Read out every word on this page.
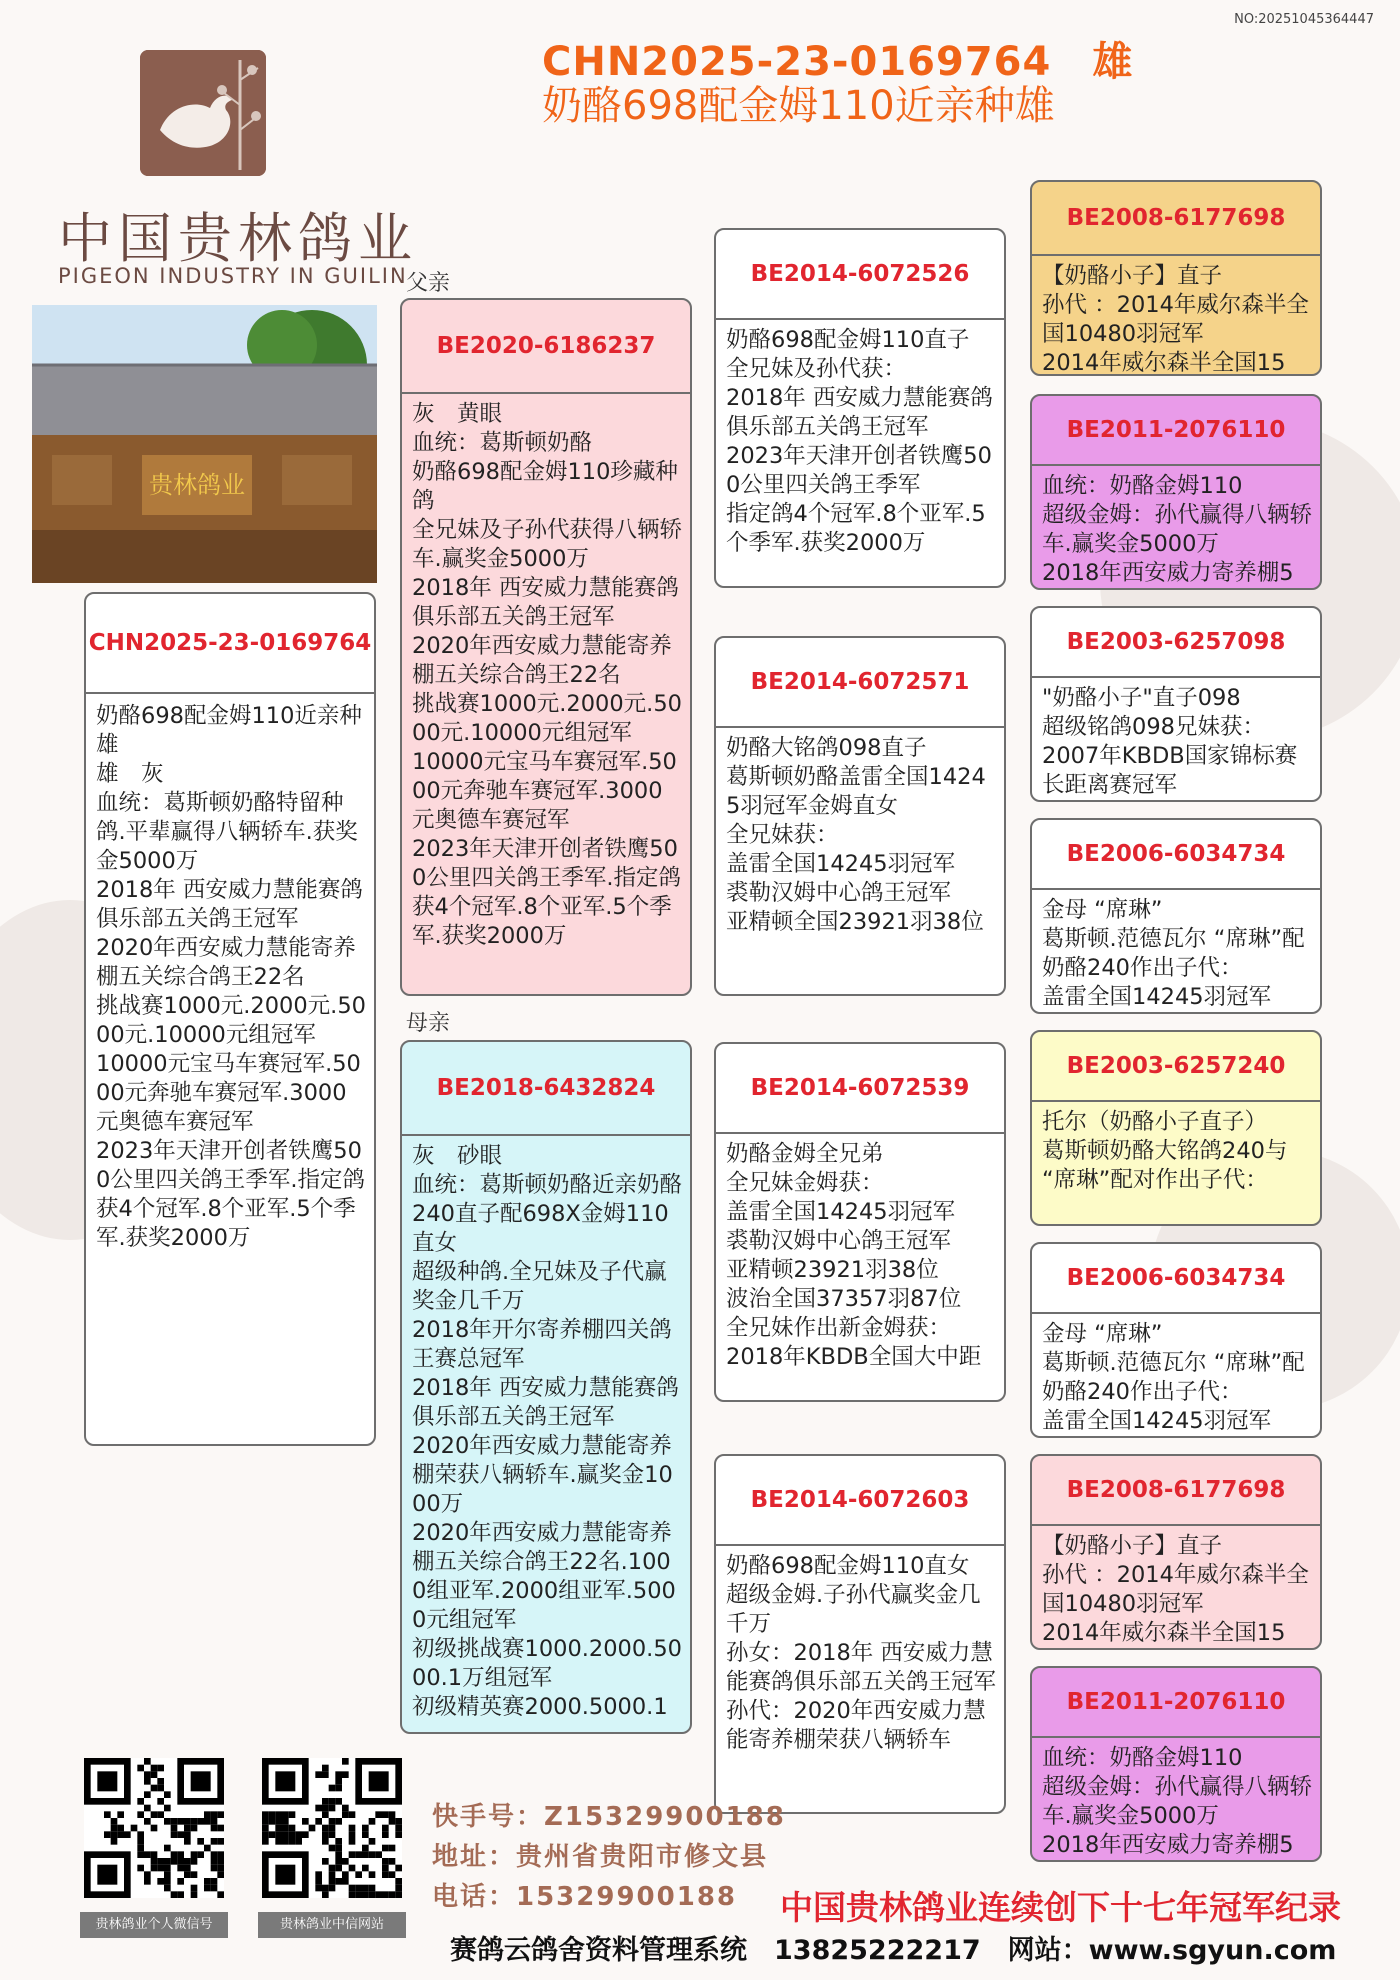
NO:20251045364447
CHN2025-23-0169764　雄
奶酪698配金姆110近亲种雄
中国贵林鸽业
PIGEON INDUSTRY IN GUILIN
贵林鸽业
父亲
母亲
CHN2025-23-0169764
奶酪698配金姆110近亲种雄
雄　灰
血统：葛斯顿奶酪特留种鸽.平辈赢得八辆轿车.获奖金5000万
2018年 西安威力慧能赛鸽俱乐部五关鸽王冠军
2020年西安威力慧能寄养棚五关综合鸽王22名
挑战赛1000元.2000元.5000元.10000元组冠军
10000元宝马车赛冠军.5000元奔驰车赛冠军.3000元奥德车赛冠军
2023年天津开创者铁鹰500公里四关鸽王季军.指定鸽获4个冠军.8个亚军.5个季军.获奖2000万
BE2020-6186237
灰　黄眼
血统：葛斯顿奶酪
奶酪698配金姆110珍藏种鸽
全兄妹及子孙代获得八辆轿车.赢奖金5000万
2018年 西安威力慧能赛鸽俱乐部五关鸽王冠军
2020年西安威力慧能寄养棚五关综合鸽王22名
挑战赛1000元.2000元.5000元.10000元组冠军
10000元宝马车赛冠军.5000元奔驰车赛冠军.3000元奥德车赛冠军
2023年天津开创者铁鹰500公里四关鸽王季军.指定鸽获4个冠军.8个亚军.5个季军.获奖2000万
BE2018-6432824
灰　砂眼
血统：葛斯顿奶酪近亲奶酪240直子配698X金姆110直女
超级种鸽.全兄妹及子代赢奖金几千万
2018年开尔寄养棚四关鸽王赛总冠军
2018年 西安威力慧能赛鸽俱乐部五关鸽王冠军
2020年西安威力慧能寄养棚荣获八辆轿车.赢奖金1000万
2020年西安威力慧能寄养棚五关综合鸽王22名.1000组亚军.2000组亚军.5000元组冠军
初级挑战赛1000.2000.5000.1万组冠军
初级精英赛2000.5000.1
BE2014-6072526
奶酪698配金姆110直子
全兄妹及孙代获：
2018年 西安威力慧能赛鸽俱乐部五关鸽王冠军
2023年天津开创者铁鹰500公里四关鸽王季军
指定鸽4个冠军.8个亚军.5个季军.获奖2000万
BE2014-6072571
奶酪大铭鸽098直子
葛斯顿奶酪盖雷全国14245羽冠军金姆直女
全兄妹获：
盖雷全国14245羽冠军
裘勒汉姆中心鸽王冠军
亚精顿全国23921羽38位
BE2014-6072539
奶酪金姆全兄弟
全兄妹金姆获：
盖雷全国14245羽冠军
裘勒汉姆中心鸽王冠军
亚精顿23921羽38位
波治全国37357羽87位
全兄妹作出新金姆获：
2018年KBDB全国大中距
BE2014-6072603
奶酪698配金姆110直女
超级金姆.子孙代赢奖金几千万
孙女：2018年 西安威力慧能赛鸽俱乐部五关鸽王冠军
孙代：2020年西安威力慧能寄养棚荣获八辆轿车
BE2008-6177698
【奶酪小子】直子
孙代 ：2014年威尔森半全国10480羽冠军
2014年威尔森半全国15
BE2011-2076110
血统：奶酪金姆110
超级金姆：孙代赢得八辆轿车.赢奖金5000万
2018年西安威力寄养棚5
BE2003-6257098
"奶酪小子"直子098
超级铭鸽098兄妹获：
2007年KBDB国家锦标赛长距离赛冠军
BE2006-6034734
金母 “席琳”
葛斯顿.范德瓦尔 “席琳”配奶酪240作出子代：
盖雷全国14245羽冠军
BE2003-6257240
托尔（奶酪小子直子）
葛斯顿奶酪大铭鸽240与 “席琳”配对作出子代：
BE2006-6034734
金母 “席琳”
葛斯顿.范德瓦尔 “席琳”配奶酪240作出子代：
盖雷全国14245羽冠军
BE2008-6177698
【奶酪小子】直子
孙代 ：2014年威尔森半全国10480羽冠军
2014年威尔森半全国15
BE2011-2076110
血统：奶酪金姆110
超级金姆：孙代赢得八辆轿车.赢奖金5000万
2018年西安威力寄养棚5
贵林鸽业个人微信号	贵林鸽业中信网站
快手号：Z15329900188
地址：贵州省贵阳市修文县
电话：15329900188 中国贵林鸽业连续创下十七年冠军纪录
赛鸽云鸽舍资料管理系统　13825222217　网站：www.sgyun.com
